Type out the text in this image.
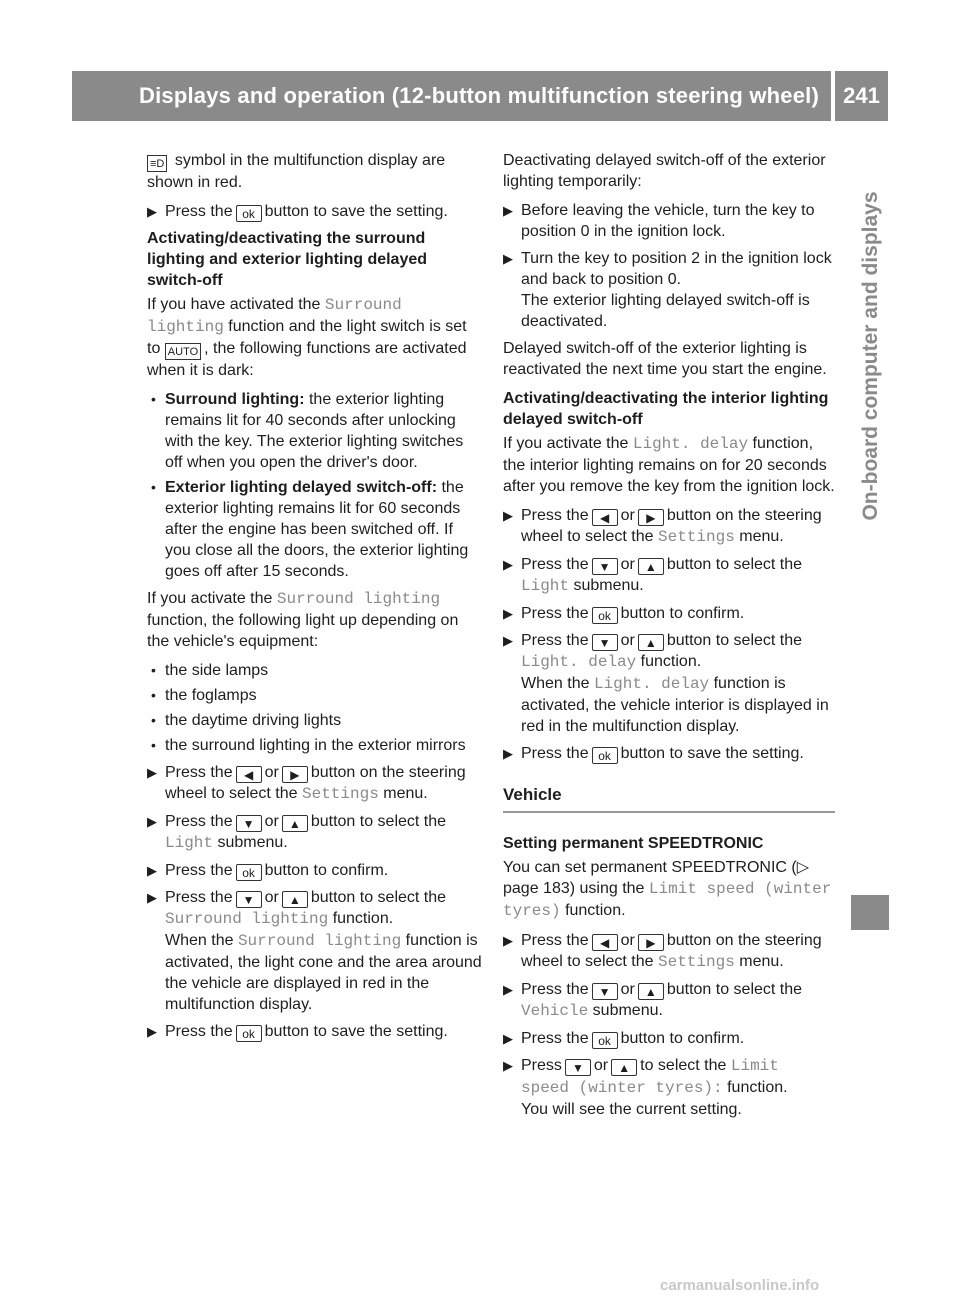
Displays and operation (12-button multifunction steering wheel)	241
On-board computer and displays

≡D symbol in the multifunction display are shown in red.

▶ Press the ok button to save the setting.

Activating/deactivating the surround lighting and exterior lighting delayed switch-off

If you have activated the Surround lighting function and the light switch is set to AUTO , the following functions are activated when it is dark:

• Surround lighting: the exterior lighting remains lit for 40 seconds after unlocking with the key. The exterior lighting switches off when you open the driver's door.
• Exterior lighting delayed switch-off: the exterior lighting remains lit for 60 seconds after the engine has been switched off. If you close all the doors, the exterior lighting goes off after 15 seconds.

If you activate the Surround lighting function, the following light up depending on the vehicle's equipment:

• the side lamps
• the foglamps
• the daytime driving lights
• the surround lighting in the exterior mirrors
▶ Press the ◀ or ▶ button on the steering wheel to select the Settings menu.
▶ Press the ▼ or ▲ button to select the Light submenu.
▶ Press the ok button to confirm.
▶ Press the ▼ or ▲ button to select the Surround lighting function.
When the Surround lighting function is activated, the light cone and the area around the vehicle are displayed in red in the multifunction display.
▶ Press the ok button to save the setting.

Deactivating delayed switch-off of the exterior lighting temporarily:

▶ Before leaving the vehicle, turn the key to position 0 in the ignition lock.
▶ Turn the key to position 2 in the ignition lock and back to position 0.
The exterior lighting delayed switch-off is deactivated.

Delayed switch-off of the exterior lighting is reactivated the next time you start the engine.

Activating/deactivating the interior lighting delayed switch-off

If you activate the Light. delay function, the interior lighting remains on for 20 seconds after you remove the key from the ignition lock.

▶ Press the ◀ or ▶ button on the steering wheel to select the Settings menu.
▶ Press the ▼ or ▲ button to select the Light submenu.
▶ Press the ok button to confirm.
▶ Press the ▼ or ▲ button to select the Light. delay function.
When the Light. delay function is activated, the vehicle interior is displayed in red in the multifunction display.
▶ Press the ok button to save the setting.
Vehicle

Setting permanent SPEEDTRONIC

You can set permanent SPEEDTRONIC (▷ page 183) using the Limit speed (winter tyres) function.

▶ Press the ◀ or ▶ button on the steering wheel to select the Settings menu.
▶ Press the ▼ or ▲ button to select the Vehicle submenu.
▶ Press the ok button to confirm.
▶ Press ▼ or ▲ to select the Limit speed (winter tyres): function.
You will see the current setting.
carmanualsonline.info
